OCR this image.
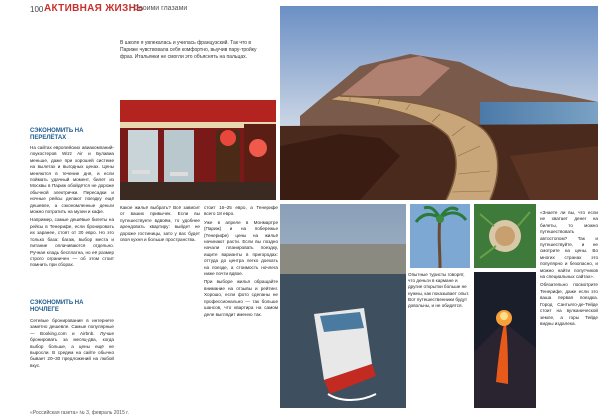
100 АКТИВНАЯ ЖИЗНЬ
Своими глазами
СЭКОНОМИТЬ НА ПЕРЕЛЁТАХ

На сайтах европейских авиакомпаний-лоукостеров Wizz Air и Булавиа меньше, даже при хорошей системе на вылетах и выгодных ценах. Цены меняются в течение дня, и если поймать удачный момент, билет из Москвы в Париж обойдётся не дороже обычной электрички. Пересадки и ночные рейсы делают поездку ещё дешевле, а сэкономленные деньги можно потратить на музеи и кафе.

Например, самые дешёвые билеты на рейсы в Тенерифе, если бронировать их заранее, стоят от 30 евро. Но это только база: багаж, выбор места и питание оплачиваются отдельно. Ручная кладь бесплатна, но её размер строго ограничен — об этом стоит помнить при сборах.

СЭКОНОМИТЬ НА НОЧЛЕГЕ

Сетевые бронирования в интернете заметно дешевле. Самые популярные — Booking.com и Airbnb. Лучше бронировать за месяц-два, когда выбор больше, а цены ещё не выросли. В средем на сайте обычно бывает 20–30 предложений на любой вкус.

В школе я увлекалась и училась французский. Так что в Париже чувствовала себя комфортно, выучив пару-тройку фраз. Итальянки не смогли это объяснять на пальцах.

Какое жильё выбрать? Всё зависит от ваших привычек. Если вы путешествуете вдвоём, то удобнее арендовать квартиру: выйдет не дороже гостиницы, зато у вас будет своя кухня и больше пространства.

стоит 16–25 евро, а Тенерифе всего 18 евро.

Уже в апреле в Монмартре (Париж) и на побережье (Тенерифе) цены на жильё начинают расти. Если вы поздно начали планировать поездку, ищите варианты в пригородах: оттуда до центра легко доехать на поезде, а стоимость ночлега ниже почти вдвое.

При выборе жилья обращайте внимание на отзывы и рейтинг. Хорошо, если фото сделаны не профессионально — так больше шансов, что квартира на самом деле выглядит именно так.

Опытные туристы говорят, что деньги в кармане и другие открытки больше не нужны, как показывает опыт. Вот путешественники будут довольны, и не обидятся.

«Знаете ли вы, что если не хватает денег на билеты, то можно путешествовать автостопом? Так и путешествуйте, и не смотрите на цены. Во многих странах это популярно и безопасно, и можно найти попутчиков на специальных сайтах».

Обязательно посмотрите Тенерифе, даже если это ваша первая поездка. Город Сантьяго-де-Тейде стоит на вулканической земле, а горы Тейде видны издалека.

«Российская газета» № 3, февраль 2015 г.
